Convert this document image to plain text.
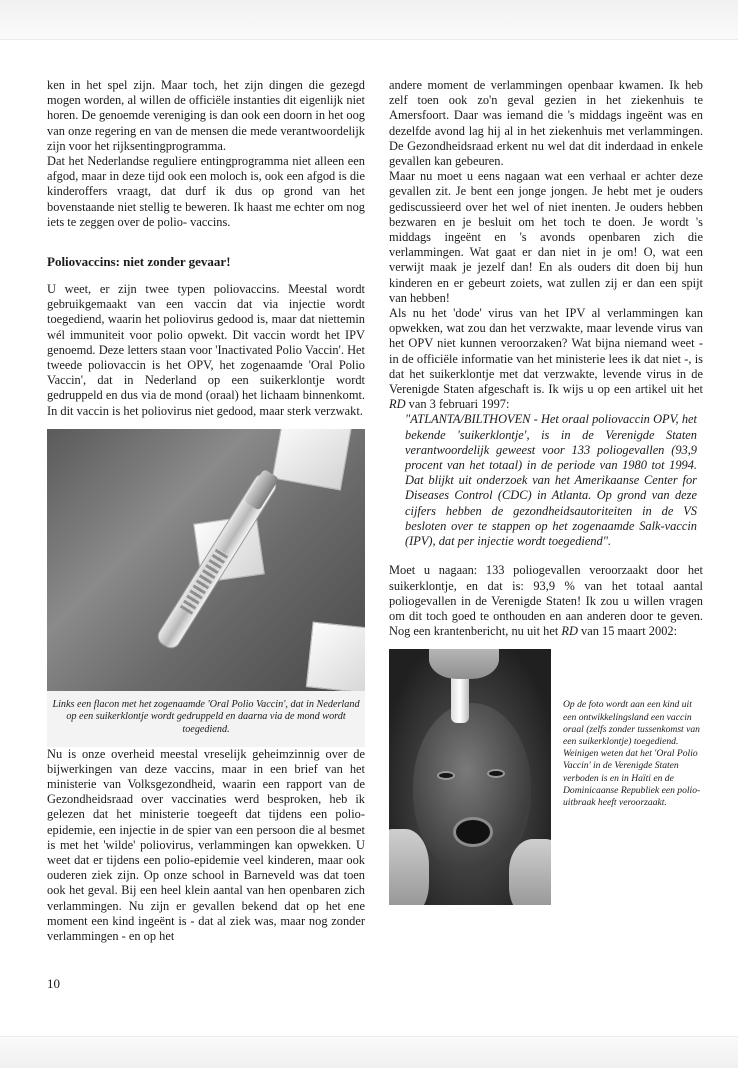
ken in het spel zijn. Maar toch, het zijn dingen die gezegd mogen worden, al willen de officiële instanties dit eigenlijk niet horen. De genoemde vereniging is dan ook een doorn in het oog van onze regering en van de mensen die mede verantwoordelijk zijn voor het rijksentingprogramma.
Dat het Nederlandse reguliere entingprogramma niet alleen een afgod, maar in deze tijd ook een moloch is, ook een afgod is die kinderoffers vraagt, dat durf ik dus op grond van het bovenstaande niet stellig te beweren. Ik haast me echter om nog iets te zeggen over de polio- vaccins.

Poliovaccins: niet zonder gevaar!

U weet, er zijn twee typen poliovaccins. Meestal wordt gebruikgemaakt van een vaccin dat via injectie wordt toegediend, waarin het poliovirus gedood is, maar dat niettemin wél immuniteit voor polio opwekt. Dit vaccin wordt het IPV genoemd. Deze letters staan voor 'Inactivated Polio Vaccin'. Het tweede poliovaccin is het OPV, het zogenaamde 'Oral Polio Vaccin', dat in Nederland op een suikerklontje wordt gedruppeld en dus via de mond (oraal) het lichaam binnenkomt. In dit vaccin is het poliovirus niet gedood, maar sterk verzwakt.

Links een flacon met het zogenaamde 'Oral Polio Vaccin', dat in Nederland op een suikerklontje wordt gedruppeld en daarna via de mond wordt toegediend.

Nu is onze overheid meestal vreselijk geheimzinnig over de bijwerkingen van deze vaccins, maar in een brief van het ministerie van Volksgezondheid, waarin een rapport van de Gezondheidsraad over vaccinaties werd besproken, heb ik gelezen dat het ministerie toegeeft dat tijdens een polio-epidemie, een injectie in de spier van een persoon die al besmet is met het 'wilde' poliovirus, verlammingen kan opwekken. U weet dat er tijdens een polio-epidemie veel kinderen, maar ook ouderen ziek zijn. Op onze school in Barneveld was dat toen ook het geval. Bij een heel klein aantal van hen openbaren zich verlammingen. Nu zijn er gevallen bekend dat op het ene moment een kind ingeënt is - dat al ziek was, maar nog zonder verlammingen - en op het

andere moment de verlammingen openbaar kwamen. Ik heb zelf toen ook zo'n geval gezien in het ziekenhuis te Amersfoort. Daar was iemand die 's middags ingeënt was en dezelfde avond lag hij al in het ziekenhuis met verlammingen. De Gezondheidsraad erkent nu wel dat dit inderdaad in enkele gevallen kan gebeuren.

Maar nu moet u eens nagaan wat een verhaal er achter deze gevallen zit. Je bent een jonge jongen. Je hebt met je ouders gediscussieerd over het wel of niet inenten. Je ouders hebben bezwaren en je besluit om het toch te doen. Je wordt 's middags ingeënt en 's avonds openbaren zich die verlammingen. Wat gaat er dan niet in je om! O, wat een verwijt maak je jezelf dan! En als ouders dit doen bij hun kinderen en er gebeurt zoiets, wat zullen zij er dan een spijt van hebben!

Als nu het 'dode' virus van het IPV al verlammingen kan opwekken, wat zou dan het verzwakte, maar levende virus van het OPV niet kunnen veroorzaken? Wat bijna niemand weet - in de officiële informatie van het ministerie lees ik dat niet -, is dat het suikerklontje met dat verzwakte, levende virus in de Verenigde Staten afgeschaft is. Ik wijs u op een artikel uit het RD van 3 februari 1997:

"ATLANTA/BILTHOVEN - Het oraal poliovaccin OPV, het bekende 'suikerklontje', is in de Verenigde Staten verantwoordelijk geweest voor 133 poliogevallen (93,9 procent van het totaal) in de periode van 1980 tot 1994. Dat blijkt uit onderzoek van het Amerikaanse Center for Diseases Control (CDC) in Atlanta. Op grond van deze cijfers hebben de gezondheidsautoriteiten in de VS besloten over te stappen op het zogenaamde Salk-vaccin (IPV), dat per injectie wordt toegediend".

Moet u nagaan: 133 poliogevallen veroorzaakt door het suikerklontje, en dat is: 93,9 % van het totaal aantal poliogevallen in de Verenigde Staten! Ik zou u willen vragen om dit toch goed te onthouden en aan anderen door te geven. Nog een krantenbericht, nu uit het RD van 15 maart 2002:

Op de foto wordt aan een kind uit een ontwikkelingsland een vaccin oraal (zelfs zonder tussenkomst van een suikerklontje) toegediend. Weinigen weten dat het 'Oral Polio Vaccin' in de Verenigde Staten verboden is en in Haïti en de Dominicaanse Republiek een polio-uitbraak heeft veroorzaakt.
10
